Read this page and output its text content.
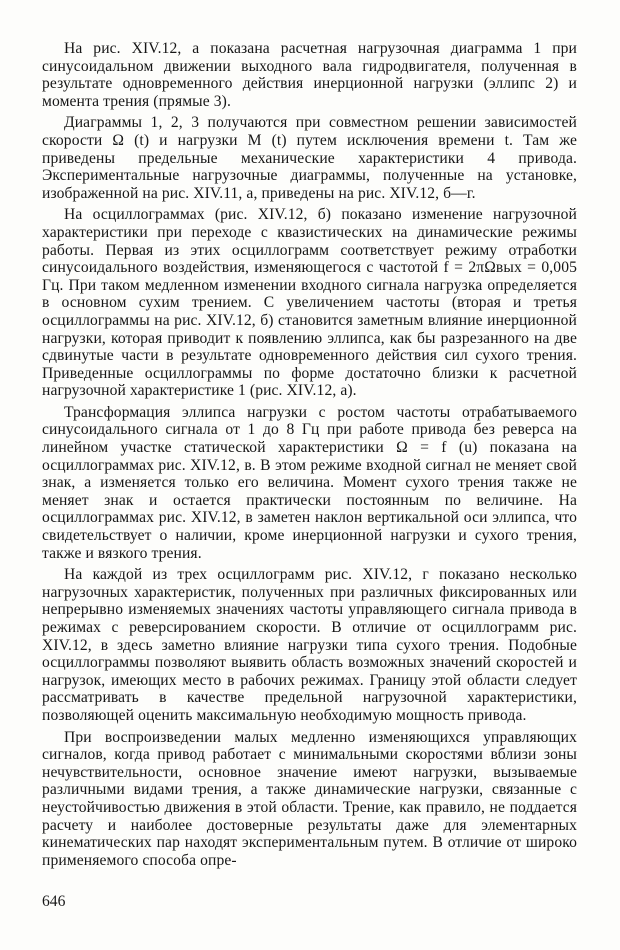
На рис. XIV.12, а показана расчетная нагрузочная диаграмма 1 при синусоидальном движении выходного вала гидродвигателя, полученная в результате одновременного действия инерционной нагрузки (эллипс 2) и момента трения (прямые 3).

Диаграммы 1, 2, 3 получаются при совместном решении зависимостей скорости Ω (t) и нагрузки M (t) путем исключения времени t. Там же приведены предельные механические характеристики 4 привода. Экспериментальные нагрузочные диаграммы, полученные на установке, изображенной на рис. XIV.11, а, приведены на рис. XIV.12, б—г.

На осциллограммах (рис. XIV.12, б) показано изменение нагрузочной характеристики при переходе с квазистических на динамические режимы работы. Первая из этих осциллограмм соответствует режиму отработки синусоидального воздействия, изменяющегося с частотой f = 2πΩвых = 0,005 Гц. При таком медленном изменении входного сигнала нагрузка определяется в основном сухим трением. С увеличением частоты (вторая и третья осциллограммы на рис. XIV.12, б) становится заметным влияние инерционной нагрузки, которая приводит к появлению эллипса, как бы разрезанного на две сдвинутые части в результате одновременного действия сил сухого трения. Приведенные осциллограммы по форме достаточно близки к расчетной нагрузочной характеристике 1 (рис. XIV.12, а).

Трансформация эллипса нагрузки с ростом частоты отрабатываемого синусоидального сигнала от 1 до 8 Гц при работе привода без реверса на линейном участке статической характеристики Ω = f (u) показана на осциллограммах рис. XIV.12, в. В этом режиме входной сигнал не меняет свой знак, а изменяется только его величина. Момент сухого трения также не меняет знак и остается практически постоянным по величине. На осциллограммах рис. XIV.12, в заметен наклон вертикальной оси эллипса, что свидетельствует о наличии, кроме инерционной нагрузки и сухого трения, также и вязкого трения.

На каждой из трех осциллограмм рис. XIV.12, г показано несколько нагрузочных характеристик, полученных при различных фиксированных или непрерывно изменяемых значениях частоты управляющего сигнала привода в режимах с реверсированием скорости. В отличие от осциллограмм рис. XIV.12, в здесь заметно влияние нагрузки типа сухого трения. Подобные осциллограммы позволяют выявить область возможных значений скоростей и нагрузок, имеющих место в рабочих режимах. Границу этой области следует рассматривать в качестве предельной нагрузочной характеристики, позволяющей оценить максимальную необходимую мощность привода.

При воспроизведении малых медленно изменяющихся управляющих сигналов, когда привод работает с минимальными скоростями вблизи зоны нечувствительности, основное значение имеют нагрузки, вызываемые различными видами трения, а также динамические нагрузки, связанные с неустойчивостью движения в этой области. Трение, как правило, не поддается расчету и наиболее достоверные результаты даже для элементарных кинематических пар находят экспериментальным путем. В отличие от широко применяемого способа опре-

646
